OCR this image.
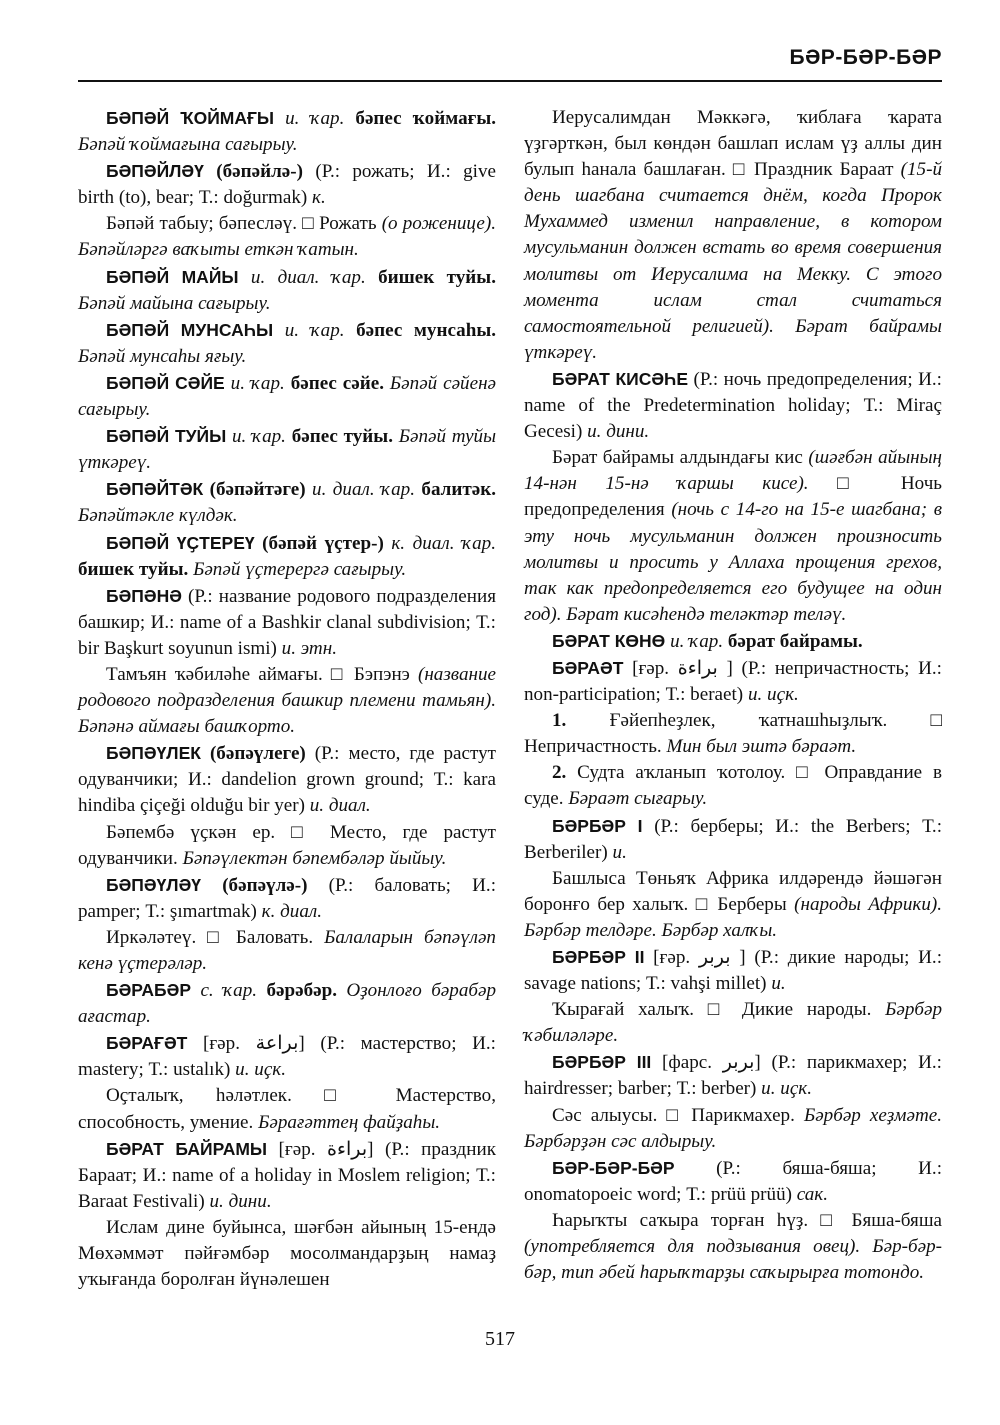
БӘР-БӘР-БӘР

БӘПӘЙ ҠОЙМАҒЫ и. ҡар. бәпес ҡоймағы. Бәпәй ҡоймағына сағырыу.

БӘПӘЙЛӘҮ (бәпәйлә-) (Р.: рожать; И.: give birth (to), bear; Т.: doğurmak) к.

Бәпәй табыу; бәпесләү. □ Рожать (о роженице). Бәпәйләргә ваҡыты еткән ҡатын.

БӘПӘЙ МАЙЫ и. диал. ҡар. бишек туйы. Бәпәй майына сағырыу.

БӘПӘЙ МУНСАҺЫ и. ҡар. бәпес мунсаһы. Бәпәй мунсаһы яғыу.

БӘПӘЙ СӘЙЕ и. ҡар. бәпес сәйе. Бәпәй сәйенә сағырыу.

БӘПӘЙ ТУЙЫ и. ҡар. бәпес туйы. Бәпәй туйы үткәреү.

БӘПӘЙТӘК (бәпәйтәге) и. диал. ҡар. балитәк. Бәпәйтәкле күлдәк.

БӘПӘЙ ҮҪТЕРЕҮ (бәпәй үҫтер-) к. диал. ҡар. бишек туйы. Бәпәй үҫтерергә сағырыу.

БӘПӘНӘ (Р.: название родового подразделения башкир; И.: name of a Bashkir clanal subdivision; Т.: bir Başkurt soyunun ismi) и. этн.

Тамъян ҡәбиләһе аймағы. □ Бэпэнэ (название родового подразделения башкир племени тамьян). Бәпәнә аймағы башҡорто.

БӘПӘҮЛЕК (бәпәүлеге) (Р.: место, где растут одуванчики; И.: dandelion grown ground; Т.: kara hindiba çiçeği olduğu bir yer) и. диал.

Бәпембә үҫкән ер. □ Место, где растут одуванчики. Бәпәүлектән бәпембәләр йыйыу.

БӘПӘҮЛӘҮ (бәпәүлә-) (Р.: баловать; И.: pamper; Т.: şımartmak) к. диал.

Иркәләтеү. □ Баловать. Балаларын бәпәүләп кенә үҫтерәләр.

БӘРАБӘР с. ҡар. бәрәбәр. Оҙонлоғо бәрабәр ағастар.

БӘРАҒӘТ [ғәр. براعة] (Р.: мастерство; И.: mastery; Т.: ustalık) и. иҫк.

Оҫталыҡ, һәләтлек. □ Мастерство, способность, умение. Бәрағәттең файҙаһы.

БӘРАТ БАЙРАМЫ [ғәр. براءة] (Р.: праздник Бараат; И.: name of a holiday in Moslem religion; Т.: Baraat Festivali) и. дини.

Ислам дине буйынса, шәғбән айының 15-ендә Мөхәммәт пәйғәмбәр мосолмандарҙың намаҙ уҡығанда боролған йүнәлешен

Иерусалимдан Мәккәгә, ҡиблаға ҡарата үҙгәрткән, был көндән башлап ислам үҙ аллы дин булып һанала башлаған. □ Праздник Бараат (15-й день шагбана считается днём, когда Пророк Мухаммед изменил направление, в котором мусульманин должен встать во время совершения молитвы от Иерусалима на Мекку. С этого момента ислам стал считаться самостоятельной религией). Бәрат байрамы үткәреү.

БӘРАТ КИСӘҺЕ (Р.: ночь предопределения; И.: name of the Predetermination holiday; Т.: Miraç Gecesi) и. дини.

Бәрат байрамы алдындағы кис (шәғбән айының 14-нән 15-нә ҡаршы кисе). □ Ночь предопределения (ночь с 14-го на 15-е шагбана; в эту ночь мусульманин должен произносить молитвы и просить у Аллаха прощения грехов, так как предопределяется его будущее на один год). Бәрат кисәһендә теләктәр теләү.

БӘРАТ КӨНӨ и. ҡар. бәрат байрамы.

БӘРАӘТ [ғәр. براءة ] (Р.: непричастность; И.: non-participation; Т.: beraet) и. иҫк.

1. Ғәйепһеҙлек, ҡатнашһыҙлыҡ. □ Непричастность. Мин был эштә бәраәт.

2. Судта аҡланып ҡотолоу. □ Оправдание в суде. Бәраәт сығарыу.

БӘРБӘР I (Р.: берберы; И.: the Berbers; Т.: Berberiler) и.

Башлыса Төньяҡ Африка илдәрендә йәшәгән боронғо бер халыҡ. □ Берберы (народы Африки). Бәрбәр телдәре. Бәрбәр халҡы.

БӘРБӘР II [ғәр. بربر ] (Р.: дикие народы; И.: savage nations; Т.: vahşi millet) и.

Ҡырағай халыҡ. □ Дикие народы. Бәрбәр ҡәбиләләре.

БӘРБӘР III [фарс. بربر] (Р.: парикмахер; И.: hairdresser; barber; Т.: berber) и. иҫк.

Сәс алыусы. □ Парикмахер. Бәрбәр хеҙмәте. Бәрбәрҙән сәс алдырыу.

БӘР-БӘР-БӘР (Р.: бяша-бяша; И.: onomatopoeic word; Т.: prüü prüü) сак.

Һарыҡты саҡыра торған һүҙ. □ Бяша-бяша (употребляется для подзывания овец). Бәр-бәр-бәр, тип әбей һарыҡтарҙы саҡырырға тотондо.

517
